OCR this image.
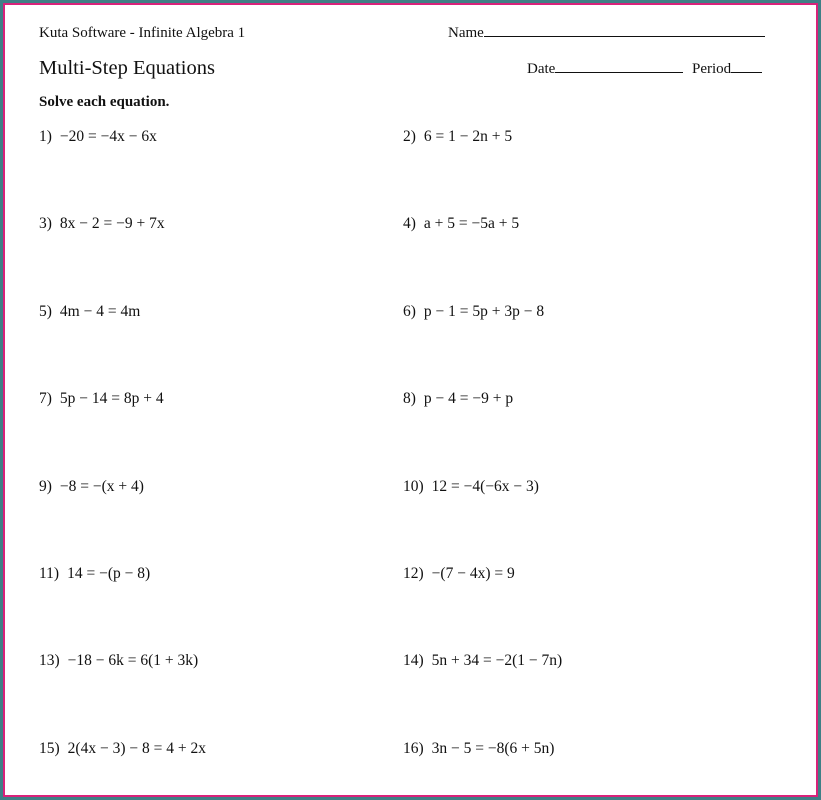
Kuta Software - Infinite Algebra 1	Name
Multi-Step Equations	Date	Period
Solve each equation.
1) −20 = −4x − 6x	2) 6 = 1 − 2n + 5
3) 8x − 2 = −9 + 7x	4) a + 5 = −5a + 5
5) 4m − 4 = 4m	6) p − 1 = 5p + 3p − 8
7) 5p − 14 = 8p + 4	8) p − 4 = −9 + p
9) −8 = −(x + 4)	10) 12 = −4(−6x − 3)
11) 14 = −(p − 8)	12) −(7 − 4x) = 9
13) −18 − 6k = 6(1 + 3k)	14) 5n + 34 = −2(1 − 7n)
15) 2(4x − 3) − 8 = 4 + 2x	16) 3n − 5 = −8(6 + 5n)
